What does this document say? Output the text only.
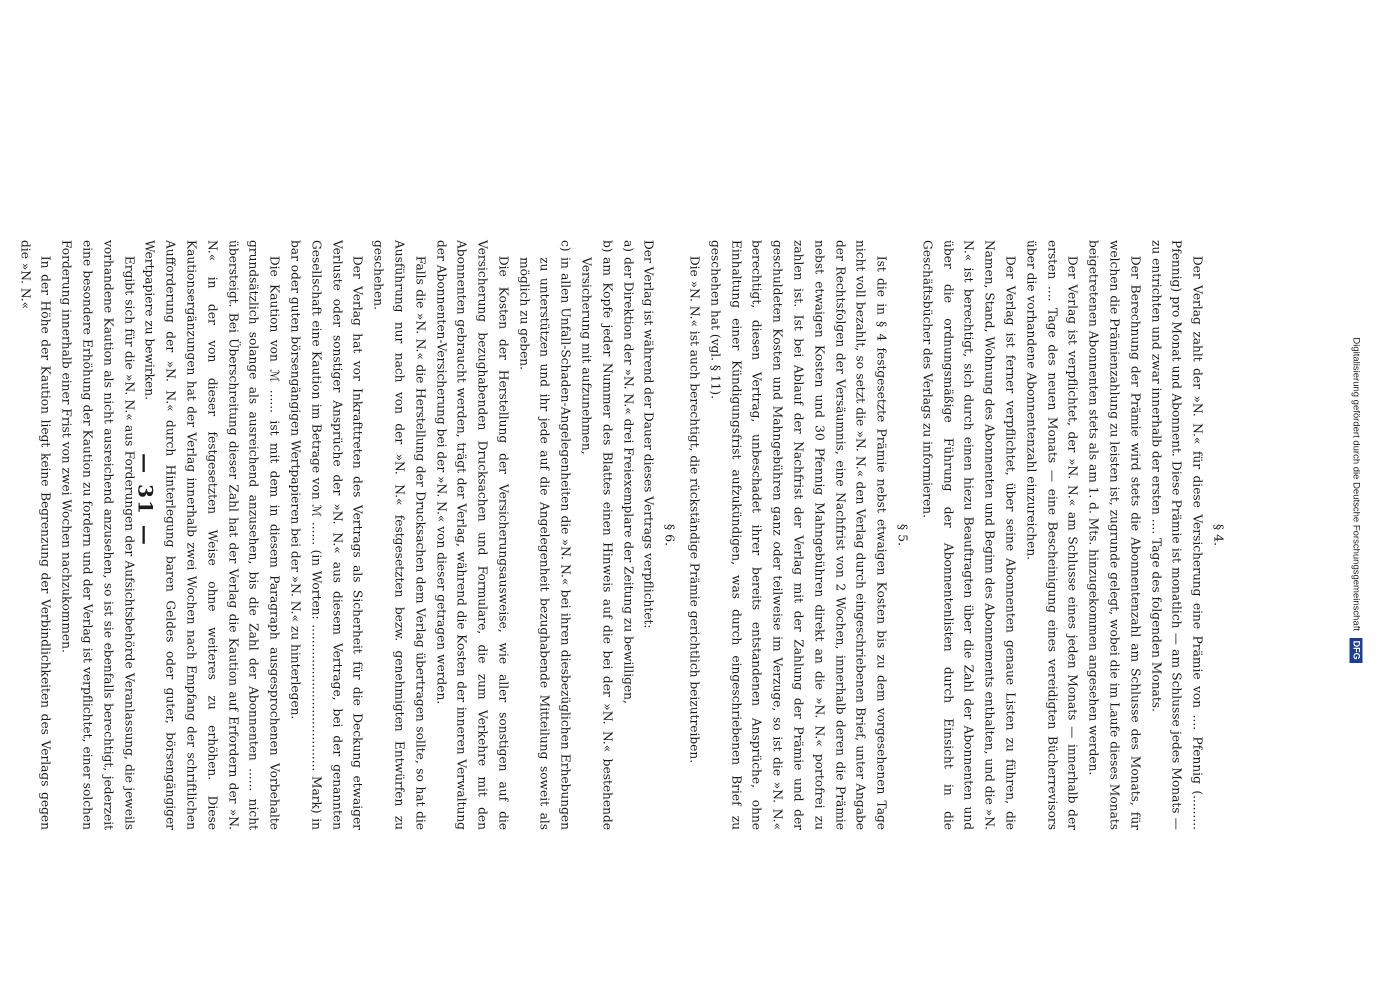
Digitalisierung gefördert durch die Deutsche Forschungsgemeinschaft DFG
§ 4.

Der Verlag zahlt der »N. N.« für diese Versicherung eine Prämie von .... Pfennig (......... Pfennig) pro Monat und Abonnent. Diese Prämie ist monatlich — am Schlusse jedes Monats — zu entrichten und zwar innerhalb der ersten .... Tage des folgenden Monats.

Der Berechnung der Prämie wird stets die Abonnentenzahl am Schlusse des Monats, für welchen die Prämienzahlung zu leisten ist, zugrunde gelegt, wobei die im Laufe dieses Monats beigetretenen Abonnenten stets als am 1. d. Mts. hinzugekommen angesehen werden.

Der Verlag ist verpflichtet, der »N. N.« am Schlusse eines jeden Monats — innerhalb der ersten .... Tage des neuen Monats — eine Bescheinigung eines vereidigten Bücherrevisors über die vorhandene Abonnentenzahl einzureichen.

Der Verlag ist ferner verpflichtet, über seine Abonnenten genaue Listen zu führen, die Namen, Stand, Wohnung des Abonnenten und Beginn des Abonnements enthalten, und die »N. N.« ist berechtigt, sich durch einen hiezu Beauftragten über die Zahl der Abonnenten und über die ordnungsmäßige Führung der Abonnentenlisten durch Einsicht in die Geschäftsbücher des Verlags zu informieren.

§ 5.

Ist die in § 4 festgesetzte Prämie nebst etwaigen Kosten bis zu dem vorgesehenen Tage nicht voll bezahlt, so setzt die »N. N.« den Verlag durch eingeschriebenen Brief, unter Angabe der Rechtsfolgen der Versäumnis, eine Nachfrist von 2 Wochen, innerhalb deren die Prämie nebst etwaigen Kosten und 30 Pfennig Mahngebühren direkt an die »N. N.« portofrei zu zahlen ist. Ist bei Ablauf der Nachfrist der Verlag mit der Zahlung der Prämie und der geschuldeten Kosten und Mahngebühren ganz oder teilweise im Verzuge, so ist die »N. N.« berechtigt, diesen Vertrag, unbeschadet ihrer bereits entstandenen Ansprüche, ohne Einhaltung einer Kündigungsfrist aufzukündigen, was durch eingeschriebenen Brief zu geschehen hat (vgl. § 11).

Die »N. N.« ist auch berechtigt, die rückständige Prämie gerichtlich beizutreiben.

§ 6.

Der Verlag ist während der Dauer dieses Vertrags verpflichtet:

a)der Direktion der »N. N.« drei Freiexemplare der Zeitung zu bewilligen,

b)am Kopfe jeder Nummer des Blattes einen Hinweis auf die bei der »N. N.« bestehende Versicherung mit aufzunehmen,

c)in allen Unfall-Schaden-Angelegenheiten die »N. N.« bei ihren diesbezüglichen Erhebungen zu unterstützen und ihr jede auf die Angelegenheit bezughabende Mitteilung soweit als möglich zu geben.

Die Kosten der Herstellung der Versicherungsausweise, wie aller sonstigen auf die Versicherung bezughabenden Drucksachen und Formulare, die zum Verkehre mit den Abonnenten gebraucht werden, trägt der Verlag, während die Kosten der inneren Verwaltung der Abonnenten-Versicherung bei der »N. N.« von dieser getragen werden.

Falls die »N. N.« die Herstellung der Drucksachen dem Verlag übertragen sollte, so hat die Ausführung nur nach von der »N. N.« festgesetzten bezw. genehmigten Entwürfen zu geschehen.

Der Verlag hat vor Inkrafttreten des Vertrags als Sicherheit für die Deckung etwaiger Verluste oder sonstiger Ansprüche der »N. N.« aus diesem Vertrage, bei der genannten Gesellschaft eine Kaution im Betrage von ℳ ...... (in Worten: ...................................... Mark) in bar oder guten börsengängigen Wertpapieren bei der »N. N.« zu hinterlegen.

Die Kaution von ℳ ...... ist mit dem in diesem Paragraph ausgesprochenen Vorbehalte grundsätzlich solange als ausreichend anzusehen, bis die Zahl der Abonnenten ...... nicht übersteigt. Bei Überschreitung dieser Zahl hat der Verlag die Kaution auf Erfordern der »N. N.« in der von dieser festgesetzten Weise ohne weiteres zu erhöhen. Diese Kautionsergänzungen hat der Verlag innerhalb zwei Wochen nach Empfang der schriftlichen Aufforderung der »N. N.« durch Hinterlegung baren Geldes oder guter, börsengängiger Wertpapiere zu bewirken.

Ergibt sich für die »N. N.« aus Forderungen der Aufsichtsbehörde Veranlassung, die jeweils vorhandene Kaution als nicht ausreichend anzusehen, so ist sie ebenfalls berechtigt, jederzeit eine besondere Erhöhung der Kaution zu fordern und der Verlag ist verpflichtet, einer solchen Forderung innerhalb einer Frist von zwei Wochen nachzukommen.

In der Höhe der Kaution liegt keine Begrenzung der Verbindlichkeiten des Verlags gegen die »N. N.«

— 31 —
